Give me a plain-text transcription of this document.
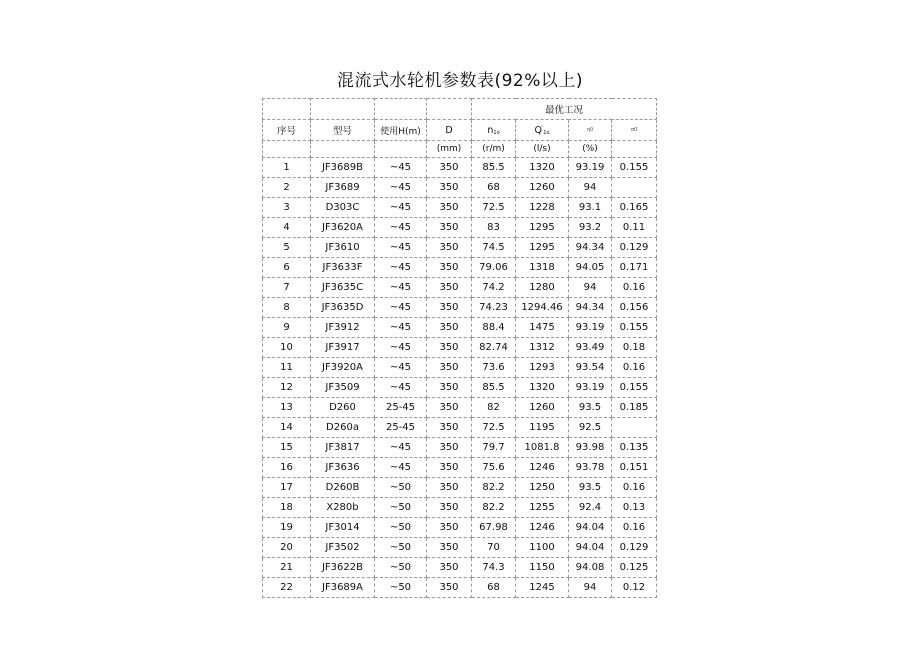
混流式水轮机参数表(92%以上)
				最优工况			
序号	型号	使用H(m)	D	$n_{1o}$	$Q'_{1o}$	η0	σ0
			(mm)	(r/m)	(l/s)	(%)	
1	JF3689B	~45	350	85.5	1320	93.19	0.155
2	JF3689	~45	350	68	1260	94	
3	D303C	~45	350	72.5	1228	93.1	0.165
4	JF3620A	~45	350	83	1295	93.2	0.11
5	JF3610	~45	350	74.5	1295	94.34	0.129
6	JF3633F	~45	350	79.06	1318	94.05	0.171
7	JF3635C	~45	350	74.2	1280	94	0.16
8	JF3635D	~45	350	74.23	1294.46	94.34	0.156
9	JF3912	~45	350	88.4	1475	93.19	0.155
10	JF3917	~45	350	82.74	1312	93.49	0.18
11	JF3920A	~45	350	73.6	1293	93.54	0.16
12	JF3509	~45	350	85.5	1320	93.19	0.155
13	D260	25-45	350	82	1260	93.5	0.185
14	D260a	25-45	350	72.5	1195	92.5	
15	JF3817	~45	350	79.7	1081.8	93.98	0.135
16	JF3636	~45	350	75.6	1246	93.78	0.151
17	D260B	~50	350	82.2	1250	93.5	0.16
18	X280b	~50	350	82.2	1255	92.4	0.13
19	JF3014	~50	350	67.98	1246	94.04	0.16
20	JF3502	~50	350	70	1100	94.04	0.129
21	JF3622B	~50	350	74.3	1150	94.08	0.125
22	JF3689A	~50	350	68	1245	94	0.12
